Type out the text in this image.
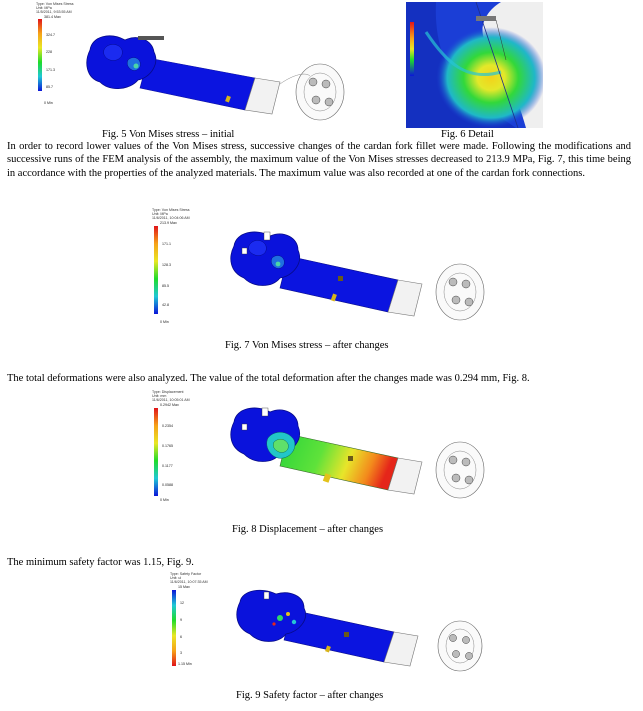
Type: Von Mises Stress
Unit: MPa
11/5/2011, 9:53:55 AM
381.4 Max
324.7
228
171.3
85.7
0 Min
Fig. 5 Von Mises stress – initial	Fig. 6 Detail

In order to record lower values of the Von Mises stress, successive changes of the cardan fork fillet were made. Following the modifications and successive runs of the FEM analysis of the assembly, the maximum value of the Von Mises stresses decreased to 213.9 MPa, Fig. 7, this time being in accordance with the properties of the analyzed materials. The maximum value was also recorded at one of the cardan fork connections.

Type: Von Mises Stress
Unit: MPa
11/6/2011, 10:04:06 AM
213.9 Max
171.1
128.3
85.5
42.8
0 Min
Fig. 7 Von Mises stress – after changes

The total deformations were also analyzed. The value of the total deformation after the changes made was 0.294 mm, Fig. 8.

Type: Displacement
Unit: mm
11/6/2011, 10:05:01 AM
0.2942 Max
0.2354
0.1765
0.1177
0.0588
0 Min
Fig. 8 Displacement – after changes

The minimum safety factor was 1.15, Fig. 9.

Type: Safety Factor
Unit: ul
11/6/2011, 10:07:35 AM
15 Max
12
9
6
3
1.15 Min
Fig. 9 Safety factor – after changes
